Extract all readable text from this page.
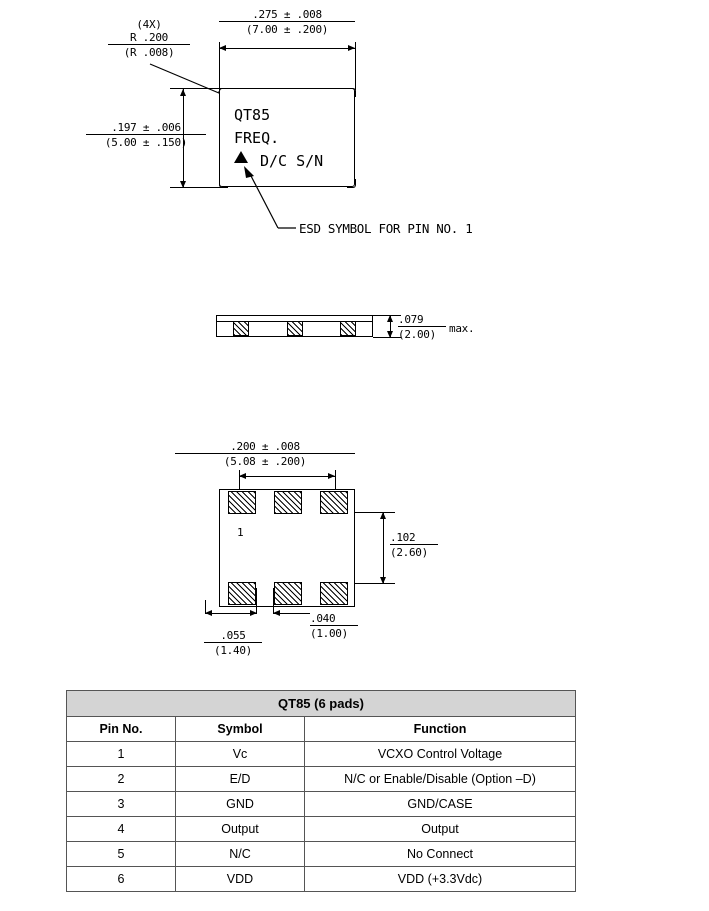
.275 ± .008
(7.00 ± .200)
(4X)
R .200
(R .008)
.197 ± .006
(5.00 ± .150)
QT85
FREQ.
D/C S/N
ESD SYMBOL FOR PIN NO. 1
.079
(2.00)	max.
.200 ± .008
(5.08 ± .200)
1	.102
(2.60)
.040
(1.00)
.055
(1.40)
QT85 (6 pads)		
Pin No.	Symbol	Function
1	Vc	VCXO Control Voltage
2	E/D	N/C or Enable/Disable (Option –D)
3	GND	GND/CASE
4	Output	Output
5	N/C	No Connect
6	VDD	VDD (+3.3Vdc)
